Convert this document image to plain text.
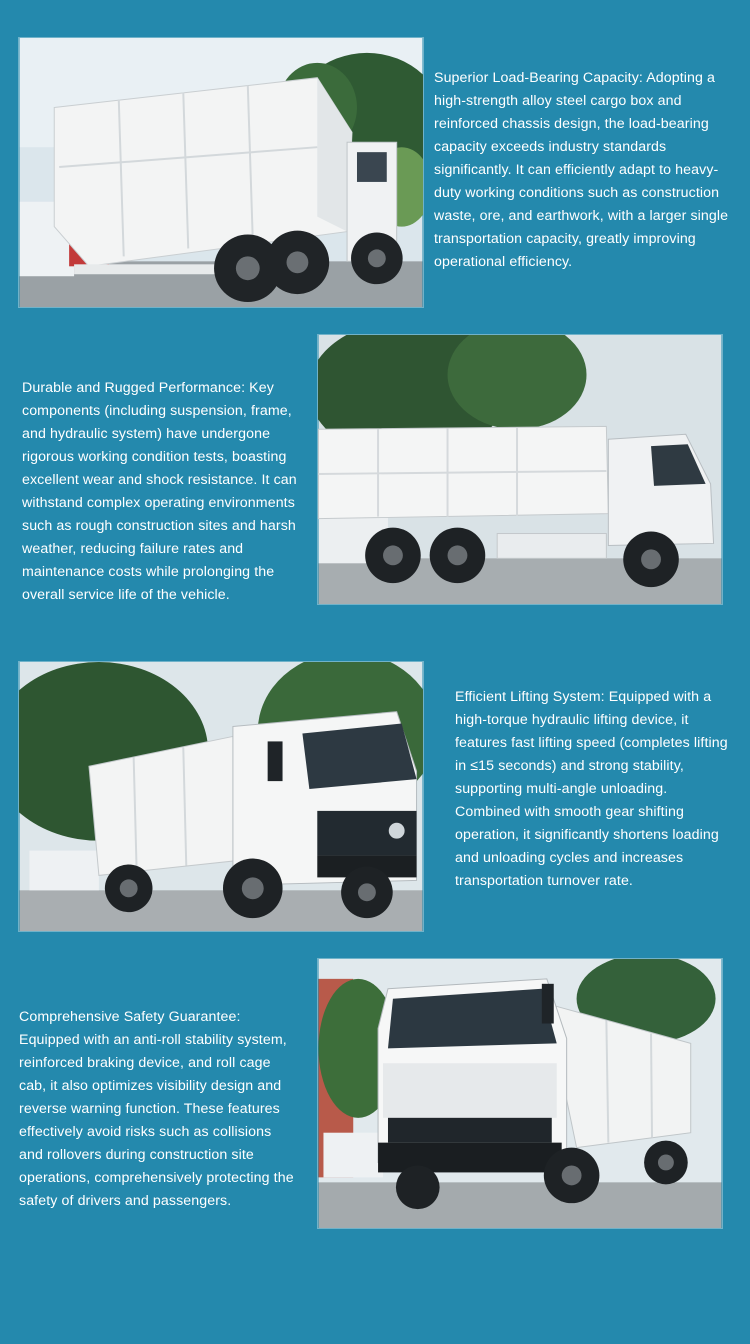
Superior Load-Bearing Capacity: Adopting a high-strength alloy steel cargo box and reinforced chassis design, the load-bearing capacity exceeds industry standards significantly. It can efficiently adapt to heavy-duty working conditions such as construction waste, ore, and earthwork, with a larger single transportation capacity, greatly improving operational efficiency.
Durable and Rugged Performance: Key components (including suspension, frame, and hydraulic system) have undergone rigorous working condition tests, boasting excellent wear and shock resistance. It can withstand complex operating environments such as rough construction sites and harsh weather, reducing failure rates and maintenance costs while prolonging the overall service life of the vehicle.
Efficient Lifting System: Equipped with a high-torque hydraulic lifting device, it features fast lifting speed (completes lifting in ≤15 seconds) and strong stability, supporting multi-angle unloading. Combined with smooth gear shifting operation, it significantly shortens loading and unloading cycles and increases transportation turnover rate.
Comprehensive Safety Guarantee: Equipped with an anti-roll stability system, reinforced braking device, and roll cage cab, it also optimizes visibility design and reverse warning function. These features effectively avoid risks such as collisions and rollovers during construction site operations, comprehensively protecting the safety of drivers and passengers.
